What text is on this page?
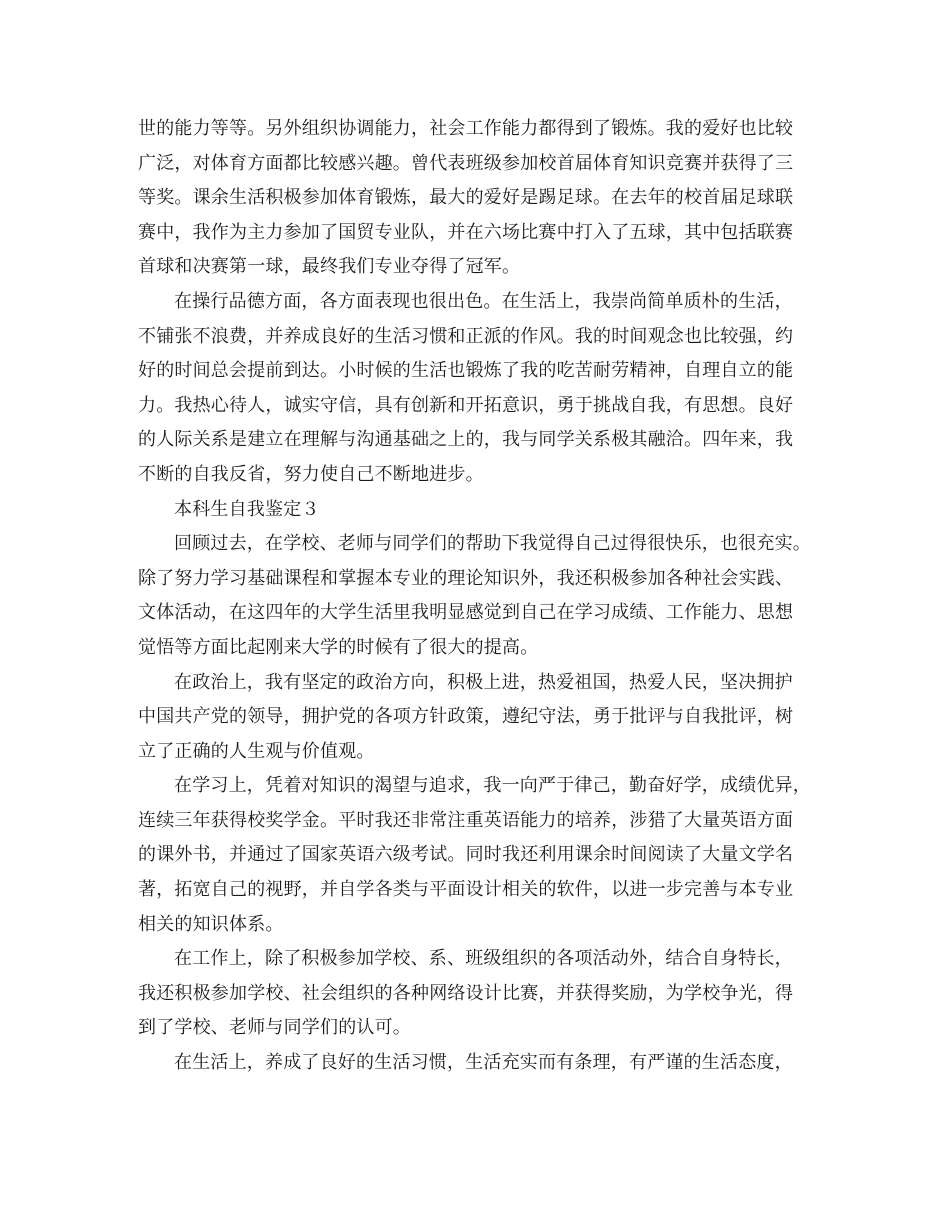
世的能力等等。另外组织协调能力，社会工作能力都得到了锻炼。我的爱好也比较
广泛，对体育方面都比较感兴趣。曾代表班级参加校首届体育知识竞赛并获得了三
等奖。课余生活积极参加体育锻炼，最大的爱好是踢足球。在去年的校首届足球联
赛中，我作为主力参加了国贸专业队，并在六场比赛中打入了五球，其中包括联赛
首球和决赛第一球，最终我们专业夺得了冠军。
在操行品德方面，各方面表现也很出色。在生活上，我崇尚简单质朴的生活，
不铺张不浪费，并养成良好的生活习惯和正派的作风。我的时间观念也比较强，约
好的时间总会提前到达。小时候的生活也锻炼了我的吃苦耐劳精神，自理自立的能
力。我热心待人，诚实守信，具有创新和开拓意识，勇于挑战自我，有思想。良好
的人际关系是建立在理解与沟通基础之上的，我与同学关系极其融洽。四年来，我
不断的自我反省，努力使自己不断地进步。
本科生自我鉴定３
回顾过去，在学校、老师与同学们的帮助下我觉得自己过得很快乐，也很充实。
除了努力学习基础课程和掌握本专业的理论知识外，我还积极参加各种社会实践、
文体活动，在这四年的大学生活里我明显感觉到自己在学习成绩、工作能力、思想
觉悟等方面比起刚来大学的时候有了很大的提高。
在政治上，我有坚定的政治方向，积极上进，热爱祖国，热爱人民，坚决拥护
中国共产党的领导，拥护党的各项方针政策，遵纪守法，勇于批评与自我批评，树
立了正确的人生观与价值观。
在学习上，凭着对知识的渴望与追求，我一向严于律己，勤奋好学，成绩优异，
连续三年获得校奖学金。平时我还非常注重英语能力的培养，涉猎了大量英语方面
的课外书，并通过了国家英语六级考试。同时我还利用课余时间阅读了大量文学名
著，拓宽自己的视野，并自学各类与平面设计相关的软件，以进一步完善与本专业
相关的知识体系。
在工作上，除了积极参加学校、系、班级组织的各项活动外，结合自身特长，
我还积极参加学校、社会组织的各种网络设计比赛，并获得奖励，为学校争光，得
到了学校、老师与同学们的认可。
在生活上，养成了良好的生活习惯，生活充实而有条理，有严谨的生活态度，
